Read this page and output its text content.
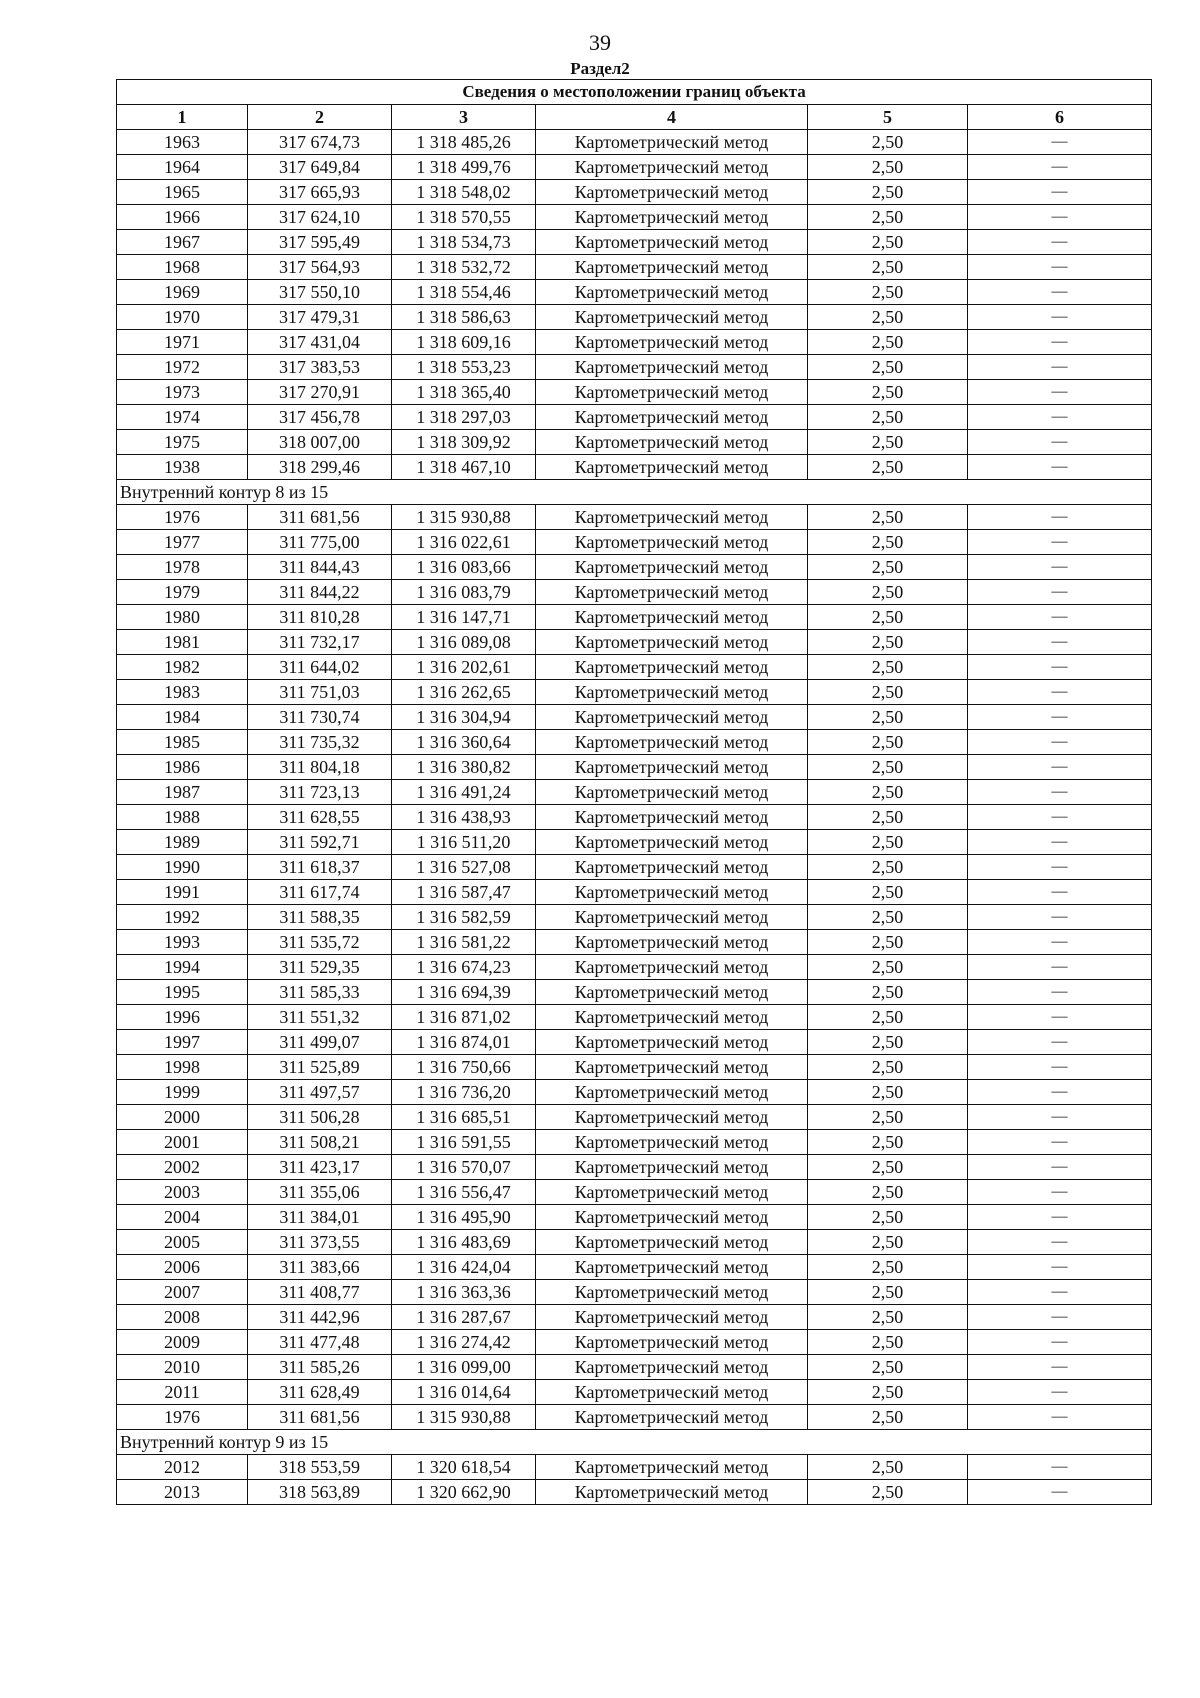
39
Раздел2
Сведения о местоположении границ объекта					
1	2	3	4	5	6
1963	317 674,73	1 318 485,26	Картометрический метод	2,50	—
1964	317 649,84	1 318 499,76	Картометрический метод	2,50	—
1965	317 665,93	1 318 548,02	Картометрический метод	2,50	—
1966	317 624,10	1 318 570,55	Картометрический метод	2,50	—
1967	317 595,49	1 318 534,73	Картометрический метод	2,50	—
1968	317 564,93	1 318 532,72	Картометрический метод	2,50	—
1969	317 550,10	1 318 554,46	Картометрический метод	2,50	—
1970	317 479,31	1 318 586,63	Картометрический метод	2,50	—
1971	317 431,04	1 318 609,16	Картометрический метод	2,50	—
1972	317 383,53	1 318 553,23	Картометрический метод	2,50	—
1973	317 270,91	1 318 365,40	Картометрический метод	2,50	—
1974	317 456,78	1 318 297,03	Картометрический метод	2,50	—
1975	318 007,00	1 318 309,92	Картометрический метод	2,50	—
1938	318 299,46	1 318 467,10	Картометрический метод	2,50	—
Внутренний контур 8 из 15					
1976	311 681,56	1 315 930,88	Картометрический метод	2,50	—
1977	311 775,00	1 316 022,61	Картометрический метод	2,50	—
1978	311 844,43	1 316 083,66	Картометрический метод	2,50	—
1979	311 844,22	1 316 083,79	Картометрический метод	2,50	—
1980	311 810,28	1 316 147,71	Картометрический метод	2,50	—
1981	311 732,17	1 316 089,08	Картометрический метод	2,50	—
1982	311 644,02	1 316 202,61	Картометрический метод	2,50	—
1983	311 751,03	1 316 262,65	Картометрический метод	2,50	—
1984	311 730,74	1 316 304,94	Картометрический метод	2,50	—
1985	311 735,32	1 316 360,64	Картометрический метод	2,50	—
1986	311 804,18	1 316 380,82	Картометрический метод	2,50	—
1987	311 723,13	1 316 491,24	Картометрический метод	2,50	—
1988	311 628,55	1 316 438,93	Картометрический метод	2,50	—
1989	311 592,71	1 316 511,20	Картометрический метод	2,50	—
1990	311 618,37	1 316 527,08	Картометрический метод	2,50	—
1991	311 617,74	1 316 587,47	Картометрический метод	2,50	—
1992	311 588,35	1 316 582,59	Картометрический метод	2,50	—
1993	311 535,72	1 316 581,22	Картометрический метод	2,50	—
1994	311 529,35	1 316 674,23	Картометрический метод	2,50	—
1995	311 585,33	1 316 694,39	Картометрический метод	2,50	—
1996	311 551,32	1 316 871,02	Картометрический метод	2,50	—
1997	311 499,07	1 316 874,01	Картометрический метод	2,50	—
1998	311 525,89	1 316 750,66	Картометрический метод	2,50	—
1999	311 497,57	1 316 736,20	Картометрический метод	2,50	—
2000	311 506,28	1 316 685,51	Картометрический метод	2,50	—
2001	311 508,21	1 316 591,55	Картометрический метод	2,50	—
2002	311 423,17	1 316 570,07	Картометрический метод	2,50	—
2003	311 355,06	1 316 556,47	Картометрический метод	2,50	—
2004	311 384,01	1 316 495,90	Картометрический метод	2,50	—
2005	311 373,55	1 316 483,69	Картометрический метод	2,50	—
2006	311 383,66	1 316 424,04	Картометрический метод	2,50	—
2007	311 408,77	1 316 363,36	Картометрический метод	2,50	—
2008	311 442,96	1 316 287,67	Картометрический метод	2,50	—
2009	311 477,48	1 316 274,42	Картометрический метод	2,50	—
2010	311 585,26	1 316 099,00	Картометрический метод	2,50	—
2011	311 628,49	1 316 014,64	Картометрический метод	2,50	—
1976	311 681,56	1 315 930,88	Картометрический метод	2,50	—
Внутренний контур 9 из 15					
2012	318 553,59	1 320 618,54	Картометрический метод	2,50	—
2013	318 563,89	1 320 662,90	Картометрический метод	2,50	—
